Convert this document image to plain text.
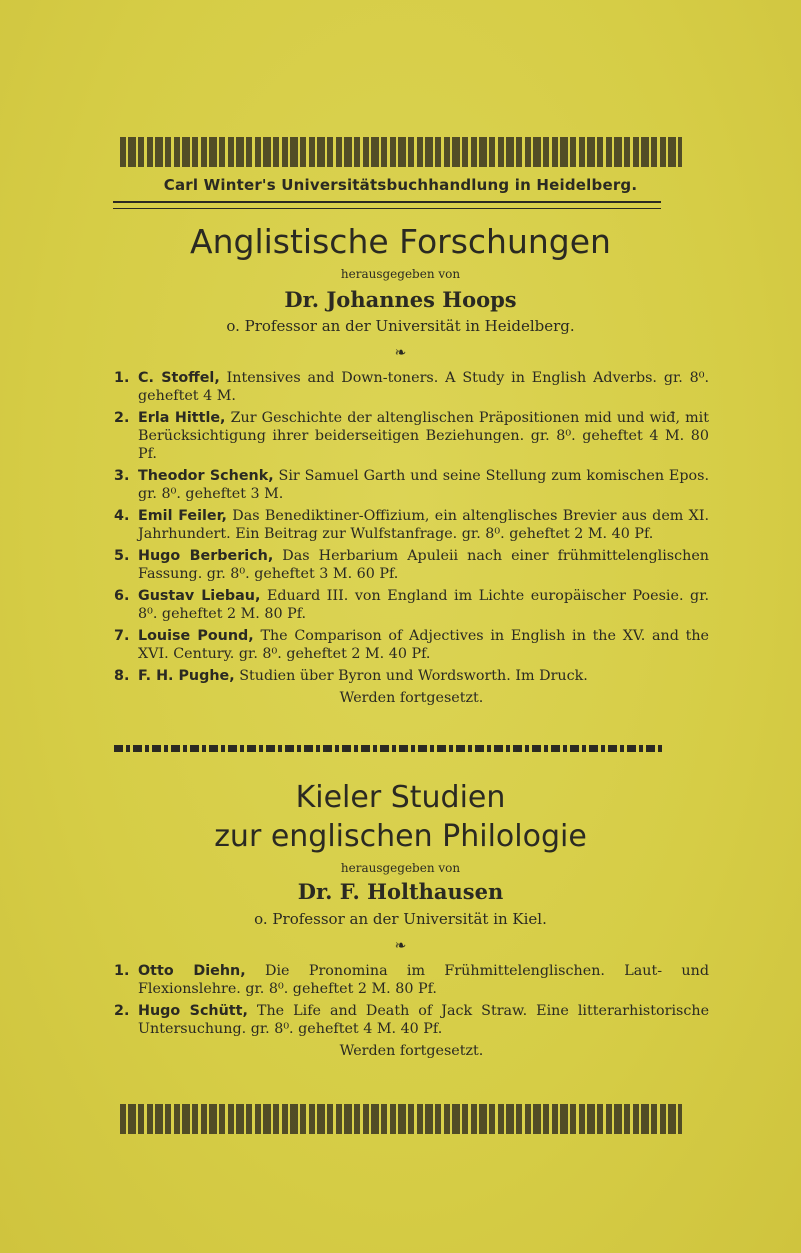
Carl Winter's Universitätsbuchhandlung in Heidelberg.
Anglistische Forschungen
herausgegeben von
Dr. Johannes Hoops
o. Professor an der Universität in Heidelberg.
❧
1. C. Stoffel, Intensives and Down-toners. A Study in English Adverbs. gr. 8⁰. geheftet 4 M.
2. Erla Hittle, Zur Geschichte der altenglischen Präpositionen mid und wiđ, mit Berücksichtigung ihrer beiderseitigen Beziehungen. gr. 8⁰. geheftet 4 M. 80 Pf.
3. Theodor Schenk, Sir Samuel Garth und seine Stellung zum komischen Epos. gr. 8⁰. geheftet 3 M.
4. Emil Feiler, Das Benediktiner-Offizium, ein altenglisches Brevier aus dem XI. Jahrhundert. Ein Beitrag zur Wulfstanfrage. gr. 8⁰. geheftet 2 M. 40 Pf.
5. Hugo Berberich, Das Herbarium Apuleii nach einer frühmittelenglischen Fassung. gr. 8⁰. geheftet 3 M. 60 Pf.
6. Gustav Liebau, Eduard III. von England im Lichte europäischer Poesie. gr. 8⁰. geheftet 2 M. 80 Pf.
7. Louise Pound, The Comparison of Adjectives in English in the XV. and the XVI. Century. gr. 8⁰. geheftet 2 M. 40 Pf.
8. F. H. Pughe, Studien über Byron und Wordsworth. Im Druck.
Werden fortgesetzt.
Kieler Studien
zur englischen Philologie
herausgegeben von
Dr. F. Holthausen
o. Professor an der Universität in Kiel.
❧
1. Otto Diehn, Die Pronomina im Frühmittelenglischen. Laut- und Flexionslehre. gr. 8⁰. geheftet 2 M. 80 Pf.
2. Hugo Schütt, The Life and Death of Jack Straw. Eine litterarhistorische Untersuchung. gr. 8⁰. geheftet 4 M. 40 Pf.
Werden fortgesetzt.
